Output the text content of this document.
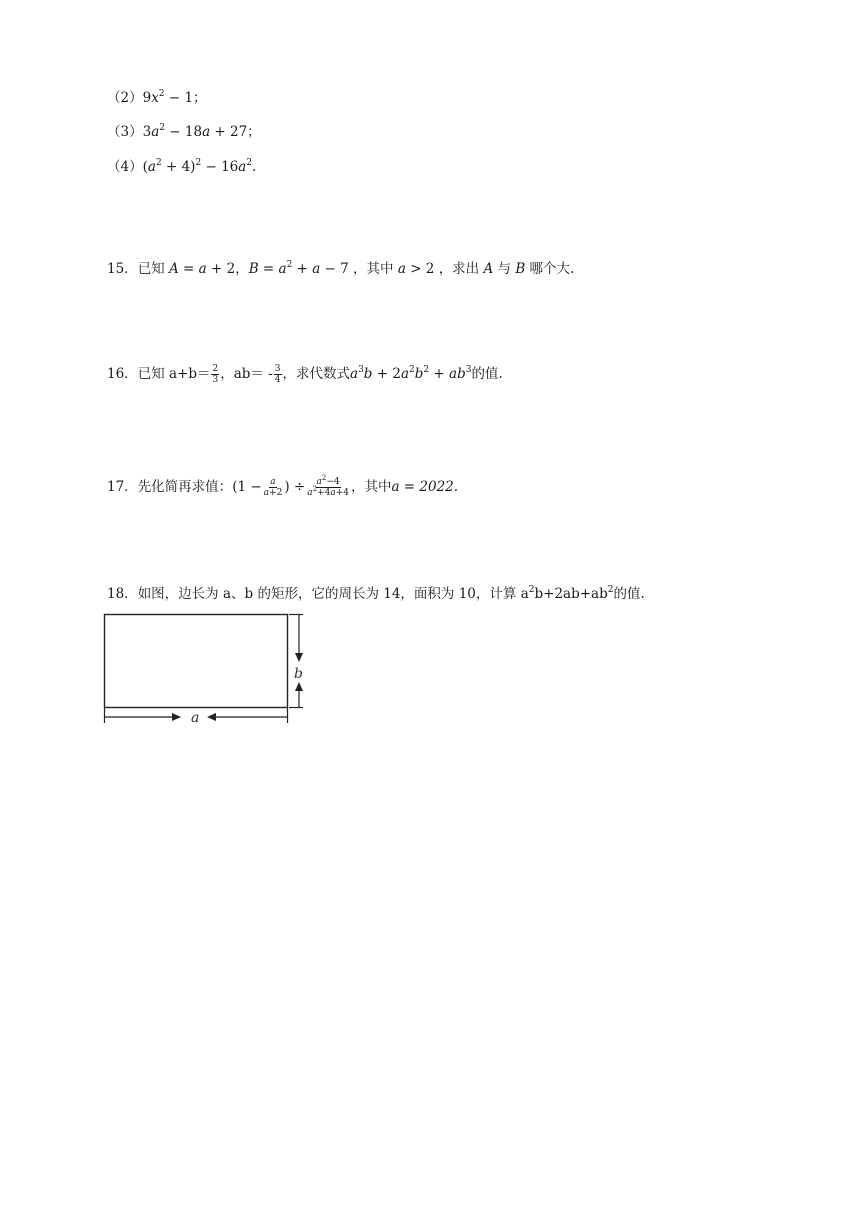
$(2)9x^2 - 1$；
$(3)3a^2 - 18a + 27$；
$(4)(a^2 + 4)^2 - 16a^2$.
15．已知 A = a + 2，$B = a^2 + a - 7$ ，其中 a > 2 ，求出 A 与 B 哪个大.
16．已知 $a+b= \frac{2}{3}$ ，$ab= - \frac{3}{4}$ ，求代数式$a^3b + 2a^2b^2 + ab^3$的值.
17．先化简再求值：($1 - \frac{a}{a+2}$ ) ÷ $\frac{a^2-4}{a^2+4a+4}$ ，其中a = 2022.
18．如图，边长为 a、b 的矩形，它的周长为 14，面积为 10，计算 $a^2b+2ab+ab^2$的值.
b
a
